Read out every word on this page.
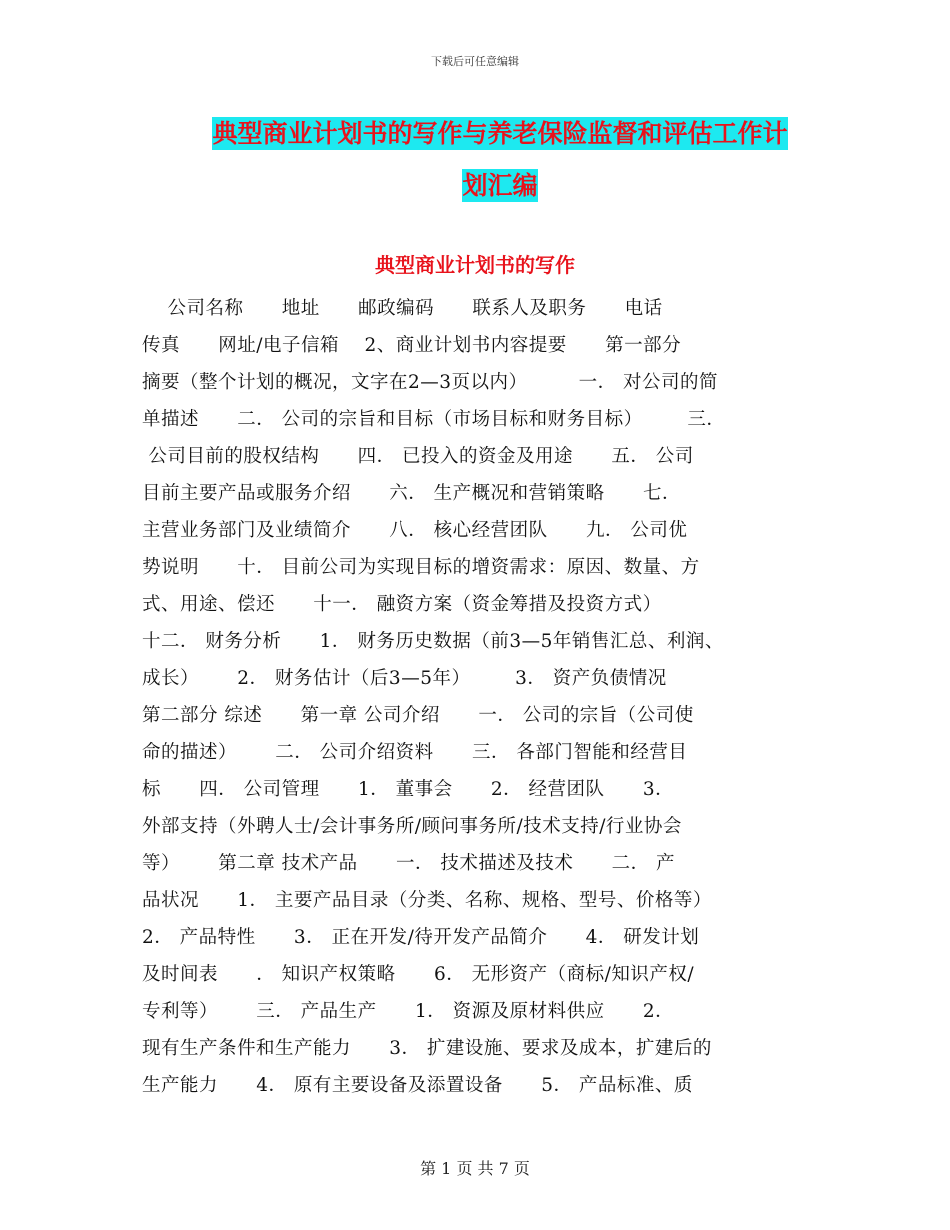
下载后可任意编辑
典型商业计划书的写作与养老保险监督和评估工作计
划汇编
典型商业计划书的写作
公司名称      地址      邮政编码      联系人及职务      电话
传真      网址/电子信箱    2、商业计划书内容提要      第一部分
摘要（整个计划的概况，文字在2—3页以内）        一． 对公司的简
单描述      二． 公司的宗旨和目标（市场目标和财务目标）       三．
公司目前的股权结构      四． 已投入的资金及用途      五． 公司
目前主要产品或服务介绍      六． 生产概况和营销策略      七．
主营业务部门及业绩简介      八． 核心经营团队      九． 公司优
势说明      十． 目前公司为实现目标的增资需求：原因、数量、方
式、用途、偿还      十一． 融资方案（资金筹措及投资方式）
十二． 财务分析      1． 财务历史数据（前3—5年销售汇总、利润、
成长）      2． 财务估计（后3—5年）       3． 资产负债情况
第二部分 综述      第一章 公司介绍      一． 公司的宗旨（公司使
命的描述）      二． 公司介绍资料      三． 各部门智能和经营目
标      四． 公司管理      1． 董事会      2． 经营团队      3．
外部支持（外聘人士/会计事务所/顾问事务所/技术支持/行业协会
等）      第二章 技术产品      一． 技术描述及技术      二． 产
品状况      1． 主要产品目录（分类、名称、规格、型号、价格等）
2． 产品特性      3． 正在开发/待开发产品简介      4． 研发计划
及时间表      ． 知识产权策略      6． 无形资产（商标/知识产权/
专利等）      三． 产品生产      1． 资源及原材料供应      2．
现有生产条件和生产能力      3． 扩建设施、要求及成本，扩建后的
生产能力      4． 原有主要设备及添置设备      5． 产品标准、质
第 1 页 共 7 页
